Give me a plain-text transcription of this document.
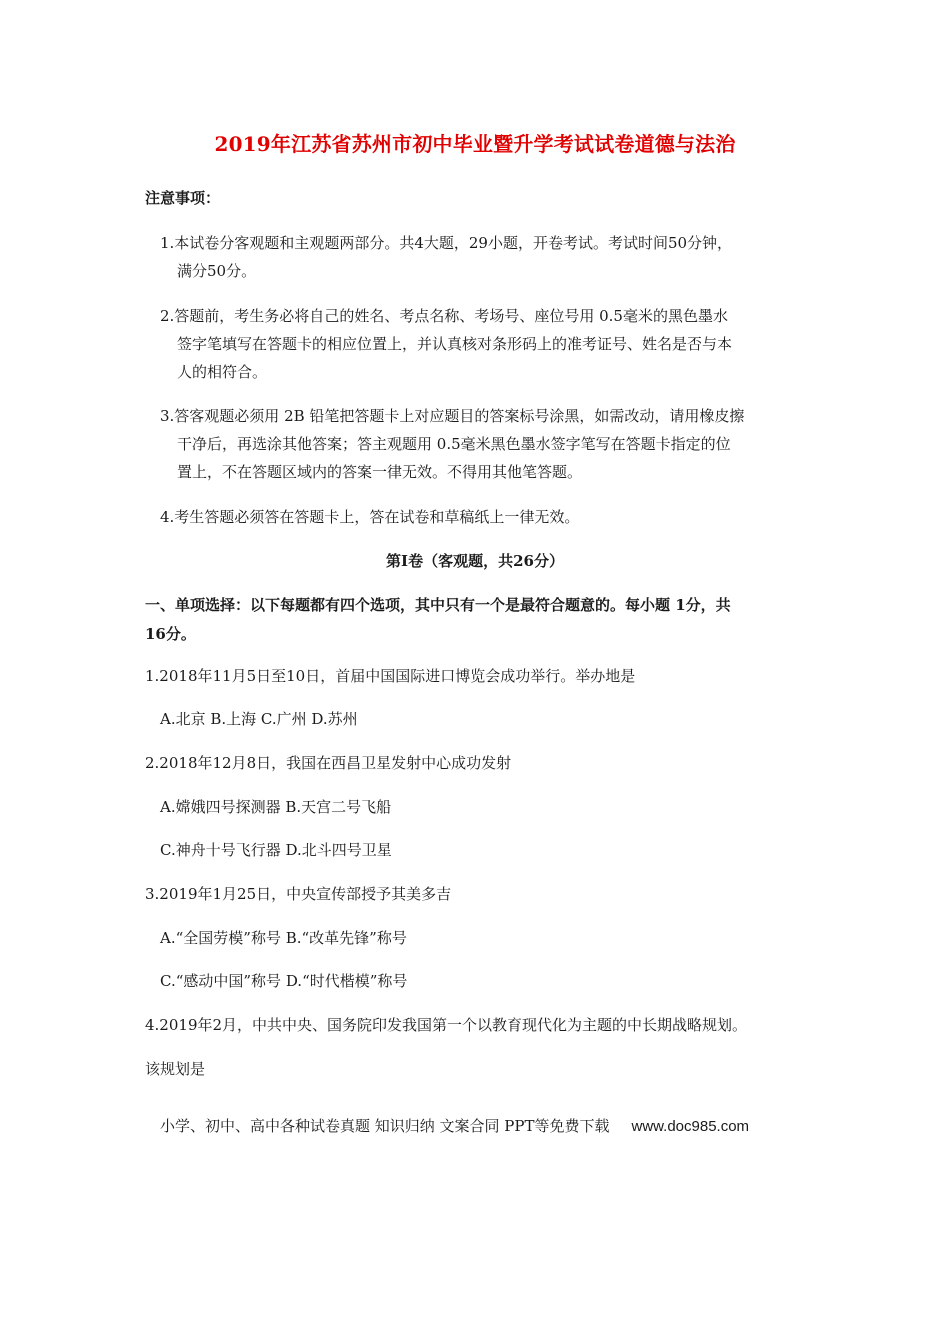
2019年江苏省苏州市初中毕业暨升学考试试卷道德与法治
注意事项：
1.本试卷分客观题和主观题两部分。共4大题，29小题，开卷考试。考试时间50分钟，
满分50分。
2.答题前，考生务必将自己的姓名、考点名称、考场号、座位号用 0.5毫米的黑色墨水
签字笔填写在答题卡的相应位置上，并认真核对条形码上的准考证号、姓名是否与本
人的相符合。
3.答客观题必须用 2B 铅笔把答题卡上对应题目的答案标号涂黑，如需改动，请用橡皮擦
干净后，再选涂其他答案；答主观题用 0.5毫米黑色墨水签字笔写在答题卡指定的位
置上，不在答题区域内的答案一律无效。不得用其他笔答题。
4.考生答题必须答在答题卡上，答在试卷和草稿纸上一律无效。
第Ⅰ卷（客观题，共26分）
一、单项选择：以下每题都有四个选项，其中只有一个是最符合题意的。每小题 1分，共
16分。
1.2018年11月5日至10日，首届中国国际进口博览会成功举行。举办地是
A.北京 B.上海 C.广州 D.苏州
2.2018年12月8日，我国在西昌卫星发射中心成功发射
A.嫦娥四号探测器 B.天宫二号飞船
C.神舟十号飞行器 D.北斗四号卫星
3.2019年1月25日，中央宣传部授予其美多吉
A.“全国劳模”称号 B.“改革先锋”称号
C.“感动中国”称号 D.“时代楷模”称号
4.2019年2月，中共中央、国务院印发我国第一个以教育现代化为主题的中长期战略规划。
该规划是
小学、初中、高中各种试卷真题 知识归纳 文案合同 PPT等免费下载 www.doc985.com
